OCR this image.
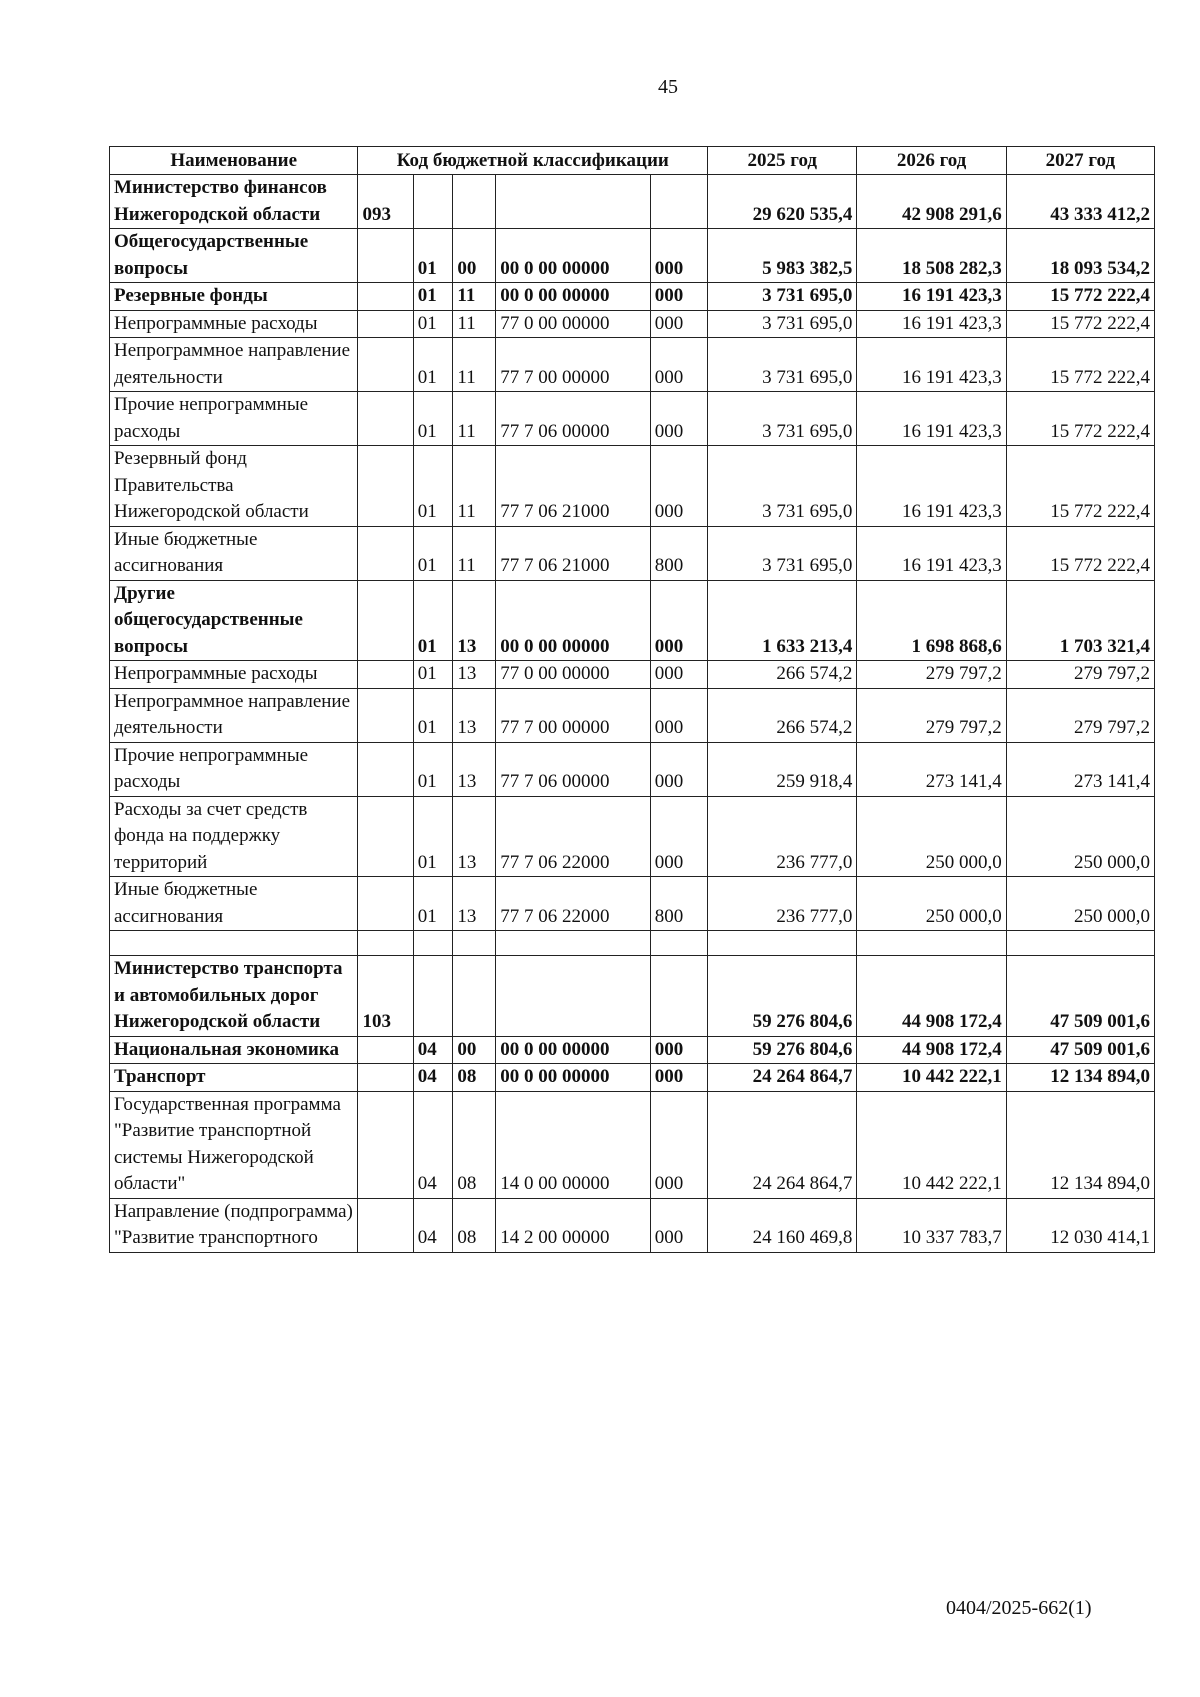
45
Наименование	Код бюджетной классификации					2025 год	2026 год	2027 год
Министерство финансов Нижегородской области	093					29 620 535,4	42 908 291,6	43 333 412,2
Общегосударственные вопросы		01	00	00 0 00 00000	000	5 983 382,5	18 508 282,3	18 093 534,2
Резервные фонды		01	11	00 0 00 00000	000	3 731 695,0	16 191 423,3	15 772 222,4
Непрограммные расходы		01	11	77 0 00 00000	000	3 731 695,0	16 191 423,3	15 772 222,4
Непрограммное направление деятельности		01	11	77 7 00 00000	000	3 731 695,0	16 191 423,3	15 772 222,4
Прочие непрограммные расходы		01	11	77 7 06 00000	000	3 731 695,0	16 191 423,3	15 772 222,4
Резервный фонд Правительства Нижегородской области		01	11	77 7 06 21000	000	3 731 695,0	16 191 423,3	15 772 222,4
Иные бюджетные ассигнования		01	11	77 7 06 21000	800	3 731 695,0	16 191 423,3	15 772 222,4
Другие общегосударственные вопросы		01	13	00 0 00 00000	000	1 633 213,4	1 698 868,6	1 703 321,4
Непрограммные расходы		01	13	77 0 00 00000	000	266 574,2	279 797,2	279 797,2
Непрограммное направление деятельности		01	13	77 7 00 00000	000	266 574,2	279 797,2	279 797,2
Прочие непрограммные расходы		01	13	77 7 06 00000	000	259 918,4	273 141,4	273 141,4
Расходы за счет средств фонда на поддержку территорий		01	13	77 7 06 22000	000	236 777,0	250 000,0	250 000,0
Иные бюджетные ассигнования		01	13	77 7 06 22000	800	236 777,0	250 000,0	250 000,0

Министерство транспорта и автомобильных дорог Нижегородской области	103					59 276 804,6	44 908 172,4	47 509 001,6
Национальная экономика		04	00	00 0 00 00000	000	59 276 804,6	44 908 172,4	47 509 001,6
Транспорт		04	08	00 0 00 00000	000	24 264 864,7	10 442 222,1	12 134 894,0
Государственная программа "Развитие транспортной системы Нижегородской области"		04	08	14 0 00 00000	000	24 264 864,7	10 442 222,1	12 134 894,0
Направление (подпрограмма) "Развитие транспортного		04	08	14 2 00 00000	000	24 160 469,8	10 337 783,7	12 030 414,1
0404/2025-662(1)
